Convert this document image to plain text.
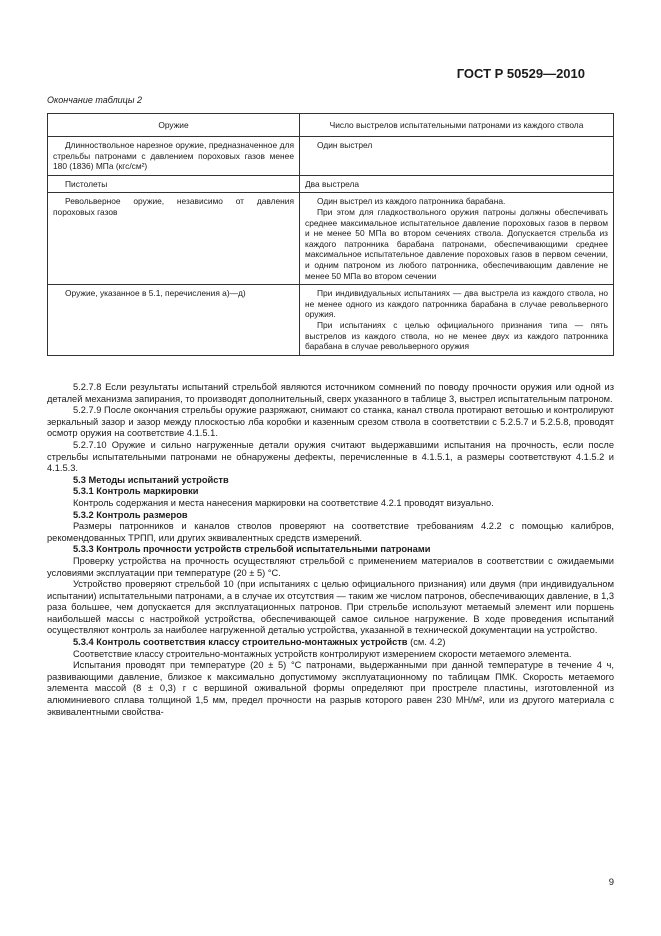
ГОСТ Р 50529—2010
Окончание таблицы 2
Оружие	Число выстрелов испытательными патронами из каждого ствола
Длинноствольное нарезное оружие, предназначенное для стрельбы патронами с давлением пороховых газов менее 180 (1836) МПа (кгс/см²)	Один выстрел

Пистолеты	Два выстрела

Револьверное оружие, независимо от давления пороховых газов	Один выстрел из каждого патронника барабана.

При этом для гладкоствольного оружия патроны должны обеспечивать среднее максимальное испытательное давление пороховых газов в первом и не менее 50 МПа во втором сечениях ствола. Допускается стрельба из каждого патронника барабана патронами, обеспечивающими среднее максимальное испытательное давление пороховых газов в первом сечении, и одним патроном из любого патронника, обеспечивающим давление не менее 50 МПа во втором сечении

Оружие, указанное в 5.1, перечисления а)—д)	При индивидуальных испытаниях — два выстрела из каждого ствола, но не менее одного из каждого патронника барабана в случае револьверного оружия.

При испытаниях с целью официального признания типа — пять выстрелов из каждого ствола, но не менее двух из каждого патронника барабана в случае револьверного оружия

5.2.7.8 Если результаты испытаний стрельбой являются источником сомнений по поводу прочности оружия или одной из деталей механизма запирания, то производят дополнительный, сверх указанного в таблице 3, выстрел испытательным патроном.

5.2.7.9 После окончания стрельбы оружие разряжают, снимают со станка, канал ствола протирают ветошью и контролируют зеркальный зазор и зазор между плоскостью лба коробки и казенным срезом ствола в соответствии с 5.2.5.7 и 5.2.5.8, проводят осмотр оружия на соответствие 4.1.5.1.

5.2.7.10 Оружие и сильно нагруженные детали оружия считают выдержавшими испытания на прочность, если после стрельбы испытательными патронами не обнаружены дефекты, перечисленные в 4.1.5.1, а размеры соответствуют 4.1.5.2 и 4.1.5.3.

5.3 Методы испытаний устройств

5.3.1 Контроль маркировки

Контроль содержания и места нанесения маркировки на соответствие 4.2.1 проводят визуально.

5.3.2 Контроль размеров

Размеры патронников и каналов стволов проверяют на соответствие требованиям 4.2.2 с помощью калибров, рекомендованных ТРПП, или других эквивалентных средств измерений.

5.3.3 Контроль прочности устройств стрельбой испытательными патронами

Проверку устройства на прочность осуществляют стрельбой с применением материалов в соответствии с ожидаемыми условиями эксплуатации при температуре (20 ± 5) °С.

Устройство проверяют стрельбой 10 (при испытаниях с целью официального признания) или двумя (при индивидуальном испытании) испытательными патронами, а в случае их отсутствия — таким же числом патронов, обеспечивающих давление, в 1,3 раза большее, чем допускается для эксплуатационных патронов. При стрельбе используют метаемый элемент или поршень наибольшей массы с настройкой устройства, обеспечивающей самое сильное нагружение. В ходе проведения испытаний осуществляют контроль за наиболее нагруженной деталью устройства, указанной в технической документации на устройство.

5.3.4 Контроль соответствия классу строительно-монтажных устройств (см. 4.2)

Соответствие классу строительно-монтажных устройств контролируют измерением скорости метаемого элемента.

Испытания проводят при температуре (20 ± 5) °С патронами, выдержанными при данной температуре в течение 4 ч, развивающими давление, близкое к максимально допустимому эксплуатационному по таблицам ПМК. Скорость метаемого элемента массой (8 ± 0,3) г с вершиной оживальной формы определяют при простреле пластины, изготовленной из алюминиевого сплава толщиной 1,5 мм, предел прочности на разрыв которого равен 230 МН/м², или из другого материала с эквивалентными свойства-

9
